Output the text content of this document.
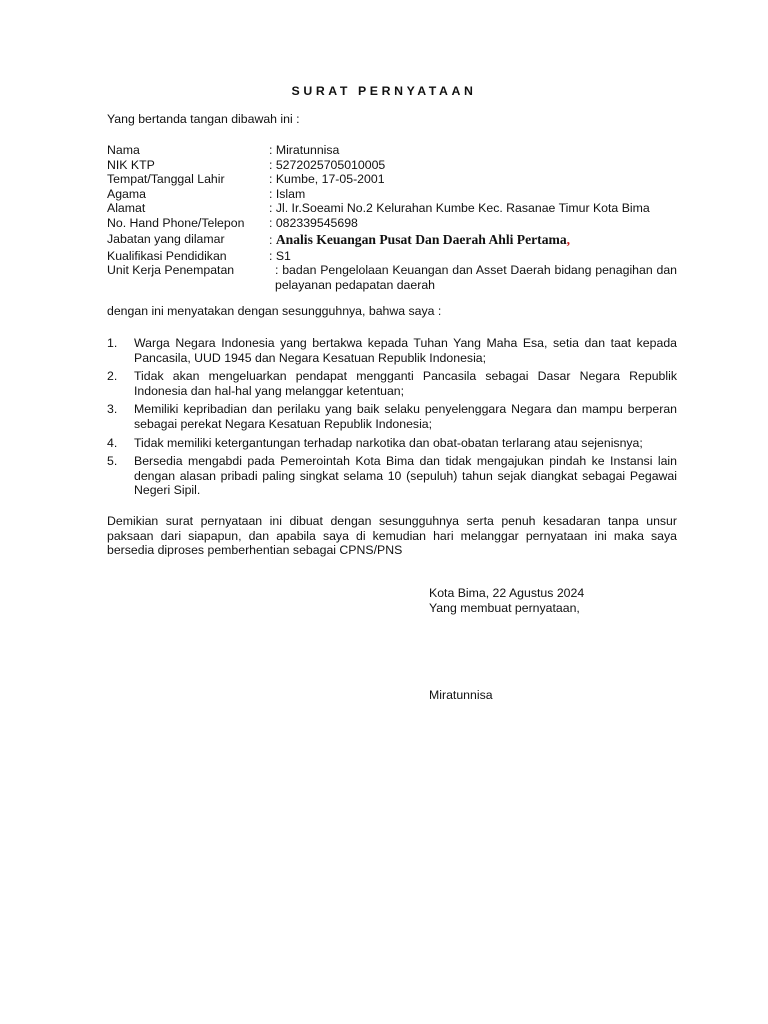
SURAT PERNYATAAN
Yang bertanda tangan dibawah ini :
Nama	: Miratunnisa
NIK KTP	: 5272025705010005
Tempat/Tanggal Lahir	: Kumbe, 17-05-2001
Agama	: Islam
Alamat	: Jl. Ir.Soeami No.2 Kelurahan Kumbe Kec. Rasanae Timur Kota Bima
No. Hand Phone/Telepon : 082339545698
Jabatan yang dilamar	: Analis Keuangan Pusat Dan Daerah Ahli Pertama,
Kualifikasi Pendidikan	: S1
Unit Kerja Penempatan	: badan Pengelolaan Keuangan dan Asset Daerah bidang penagihan dan pelayanan pedapatan daerah
dengan ini menyatakan dengan sesungguhnya, bahwa saya :
1. Warga Negara Indonesia yang bertakwa kepada Tuhan Yang Maha Esa, setia dan taat kepada Pancasila, UUD 1945 dan Negara Kesatuan Republik Indonesia;
2. Tidak akan mengeluarkan pendapat mengganti Pancasila sebagai Dasar Negara Republik Indonesia dan hal-hal yang melanggar ketentuan;
3. Memiliki kepribadian dan perilaku yang baik selaku penyelenggara Negara dan mampu berperan sebagai perekat Negara Kesatuan Republik Indonesia;
4. Tidak memiliki ketergantungan terhadap narkotika dan obat-obatan terlarang atau sejenisnya;
5. Bersedia mengabdi pada Pemerointah Kota Bima dan tidak mengajukan pindah ke Instansi lain dengan alasan pribadi paling singkat selama 10 (sepuluh) tahun sejak diangkat sebagai Pegawai Negeri Sipil.
Demikian surat pernyataan ini dibuat dengan sesungguhnya serta penuh kesadaran tanpa unsur paksaan dari siapapun, dan apabila saya di kemudian hari melanggar pernyataan ini maka saya bersedia diproses pemberhentian sebagai CPNS/PNS
Kota Bima, 22 Agustus 2024
Yang membuat pernyataan,
Miratunnisa
